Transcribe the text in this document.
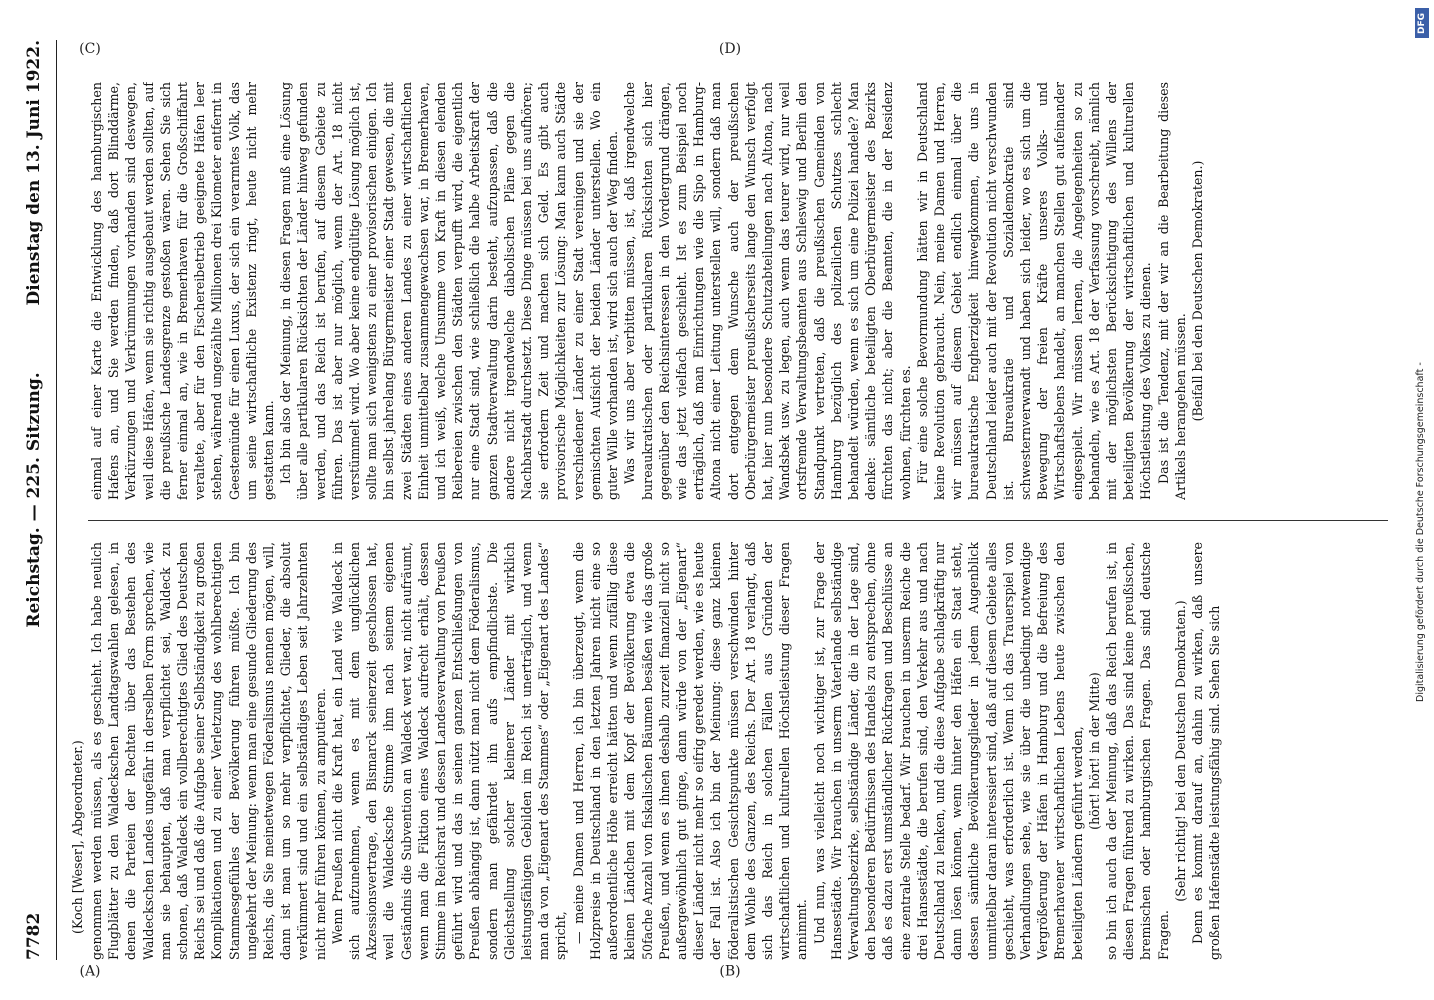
7782
Reichstag. — 225. Sitzung.
Dienstag den 13. Juni 1922.
(Koch [Weser], Abgeordneter.)
(A)	(B)
(C)	(D)

genommen werden müssen, als es geschieht. Ich habe neulich Flugblätter zu den Waldeckschen Landtagswahlen gelesen, in denen die Parteien der Rechten über das Bestehen des Waldeckschen Landes ungefähr in derselben Form sprechen, wie man sie behaupten, daß man verpflichtet sei, Waldeck zu schonen, daß Waldeck ein vollberechtigtes Glied des Deutschen Reichs sei und daß die Aufgabe seiner Selbständigkeit zu großen Komplikationen und zu einer Verletzung des wohlberechtigten Stammesgefühles der Bevölkerung führen müßte. Ich bin ungekehrt der Meinung: wenn man eine gesunde Gliederung des Reichs, die Sie meinetwegen Föderalismus nennen mögen, will, dann ist man um so mehr verpflichtet, Glieder, die absolut verkümmert sind und ein selbständiges Leben seit Jahrzehnten nicht mehr führen können, zu amputieren. Wenn Preußen nicht die Kraft hat, ein Land wie Waldeck in sich aufzunehmen, wenn es mit dem unglücklichen Akzessionsvertrage, den Bismarck seinerzeit geschlossen hat, weil die Waldecksche Stimme ihm nach seinem eigenen Geständnis die Subvention an Waldeck wert war, nicht aufräumt, wenn man die Fiktion eines Waldeck aufrecht erhält, dessen Stimme im Reichsrat und dessen Landesverwaltung von Preußen geführt wird und das in seinen ganzen Entschließungen von Preußen abhängig ist, dann nützt man nicht dem Föderalismus, sondern man gefährdet ihn aufs empfindlichste. Die Gleichstellung solcher kleinerer Länder mit wirklich leistungsfähigen Gebilden im Reich ist unerträglich, und wenn man da von „Eigenart des Stammes“ oder „Eigenart des Landes“ spricht, — meine Damen und Herren, ich bin überzeugt, wenn die Holzpreise in Deutschland in den letzten Jahren nicht eine so außerordentliche Höhe erreicht hätten und wenn zufällig diese kleinen Ländchen mit dem Kopf der Bevölkerung etwa die 50fache Anzahl von fiskalischen Bäumen besäßen wie das große Preußen, und wenn es ihnen deshalb zurzeit finanziell nicht so außergewöhnlich gut ginge, dann würde von der „Eigenart“ dieser Länder nicht mehr so eifrig geredet werden, wie es heute der Fall ist. Also ich bin der Meinung: diese ganz kleinen föderalistischen Gesichtspunkte müssen verschwinden hinter dem Wohle des Ganzen, des Reichs. Der Art. 18 verlangt, daß sich das Reich in solchen Fällen aus Gründen der wirtschaftlichen und kulturellen Höchstleistung dieser Fragen annimmt. Und nun, was vielleicht noch wichtiger ist, zur Frage der Hansestädte. Wir brauchen in unserm Vaterlande selbständige Verwaltungsbezirke, selbständige Länder, die in der Lage sind, den besonderen Bedürfnissen des Handels zu entsprechen, ohne daß es dazu erst umständlicher Rückfragen und Beschlüsse an eine zentrale Stelle bedarf. Wir brauchen in unserm Reiche die drei Hansestädte, die berufen sind, den Verkehr aus und nach Deutschland zu lenken, und die diese Aufgabe schlagkräftig nur dann lösen können, wenn hinter den Häfen ein Staat steht, dessen sämtliche Bevölkerungsglieder in jedem Augenblick unmittelbar daran interessiert sind, daß auf diesem Gebiete alles geschieht, was erforderlich ist. Wenn ich das Trauerspiel von Verhandlungen sehe, wie sie über die unbedingt notwendige Vergrößerung der Häfen in Hamburg und die Befreiung des Bremerhavener wirtschaftlichen Lebens heute zwischen den beteiligten Ländern geführt werden, (hört! hört! in der Mitte) so bin ich auch da der Meinung, daß das Reich berufen ist, in diesen Fragen führend zu wirken. Das sind keine preußischen, bremischen oder hamburgischen Fragen. Das sind deutsche Fragen.

(Sehr richtig! bei den Deutschen Demokraten.) Denn es kommt darauf an, dahin zu wirken, daß unsere großen Hafenstädte leistungsfähig sind. Sehen Sie sich

einmal auf einer Karte die Entwicklung des hamburgischen Hafens an, und Sie werden finden, daß dort Blinddärme, Verkürzungen und Verkrümmungen vorhanden sind deswegen, weil diese Häfen, wenn sie richtig ausgebaut werden sollten, auf die preußische Landesgrenze gestoßen wären. Sehen Sie sich ferner einmal an, wie in Bremerhaven für die Großschiffahrt veraltete, aber für den Fischereibetrieb geeignete Häfen leer stehen, während ungezählte Millionen drei Kilometer entfernt in Geestemünde für einen Luxus, der sich ein verarmtes Volk, das um seine wirtschaftliche Existenz ringt, heute nicht mehr gestatten kann. Ich bin also der Meinung, in diesen Fragen muß eine Lösung über alle partikularen Rücksichten der Länder hinweg gefunden werden, und das Reich ist berufen, auf diesem Gebiete zu führen. Das ist aber nur möglich, wenn der Art. 18 nicht verstümmelt wird. Wo aber keine endgültige Lösung möglich ist, sollte man sich wenigstens zu einer provisorischen einigen. Ich bin selbst jahrelang Bürgermeister einer Stadt gewesen, die mit zwei Städten eines anderen Landes zu einer wirtschaftlichen Einheit unmittelbar zusammengewachsen war, in Bremerhaven, und ich weiß, welche Unsumme von Kraft in diesen elenden Reibereien zwischen den Städten verpufft wird, die eigentlich nur eine Stadt sind, wie schließlich die halbe Arbeitskraft der ganzen Stadtverwaltung darin besteht, aufzupassen, daß die andere nicht irgendwelche diabolischen Pläne gegen die Nachbarstadt durchsetzt. Diese Dinge müssen bei uns aufhören; sie erfordern Zeit und machen sich Geld. Es gibt auch provisorische Möglichkeiten zur Lösung: Man kann auch Städte verschiedener Länder zu einer Stadt vereinigen und sie der gemischten Aufsicht der beiden Länder unterstellen. Wo ein guter Wille vorhanden ist, wird sich auch der Weg finden. Was wir uns aber verbitten müssen, ist, daß irgendwelche bureaukratischen oder partikularen Rücksichten sich hier gegenüber den Reichsinteressen in den Vordergrund drängen, wie das jetzt vielfach geschieht. Ist es zum Beispiel noch erträglich, daß man Einrichtungen wie die Sipo in Hamburg-Altona nicht einer Leitung unterstellen will, sondern daß man dort entgegen dem Wunsche auch der preußischen Oberbürgermeister preußischerseits lange den Wunsch verfolgt hat, hier nun besondere Schutzabteilungen nach Altona, nach Wandsbek usw. zu legen, auch wenn das teurer wird, nur weil ortsfremde Verwaltungsbeamten aus Schleswig und Berlin den Standpunkt vertreten, daß die preußischen Gemeinden von Hamburg bezüglich des polizeilichen Schutzes schlecht behandelt würden, wenn es sich um eine Polizei handele? Man denke: sämtliche beteiligten Oberbürgermeister des Bezirks fürchten das nicht; aber die Beamten, die in der Residenz wohnen, fürchten es. Für eine solche Bevormundung hätten wir in Deutschland keine Revolution gebraucht. Nein, meine Damen und Herren, wir müssen auf diesem Gebiet endlich einmal über die bureaukratische Engherzigkeit hinwegkommen, die uns in Deutschland leider auch mit der Revolution nicht verschwunden ist. Bureaukratie und Sozialdemokratie sind schwesternverwandt und haben sich leider, wo es sich um die Bewegung der freien Kräfte unseres Volks- und Wirtschaftslebens handelt, an manchen Stellen gut aufeinander eingespielt. Wir müssen lernen, die Angelegenheiten so zu behandeln, wie es Art. 18 der Verfassung vorschreibt, nämlich mit der möglichsten Berücksichtigung des Willens der beteiligten Bevölkerung der wirtschaftlichen und kulturellen Höchstleistung des Volkes zu dienen. Das ist die Tendenz, mit der wir an die Bearbeitung dieses Artikels herangehen müssen. (Beifall bei den Deutschen Demokraten.)

DFG
Digitalisierung gefördert durch die Deutsche Forschungsgemeinschaft -
